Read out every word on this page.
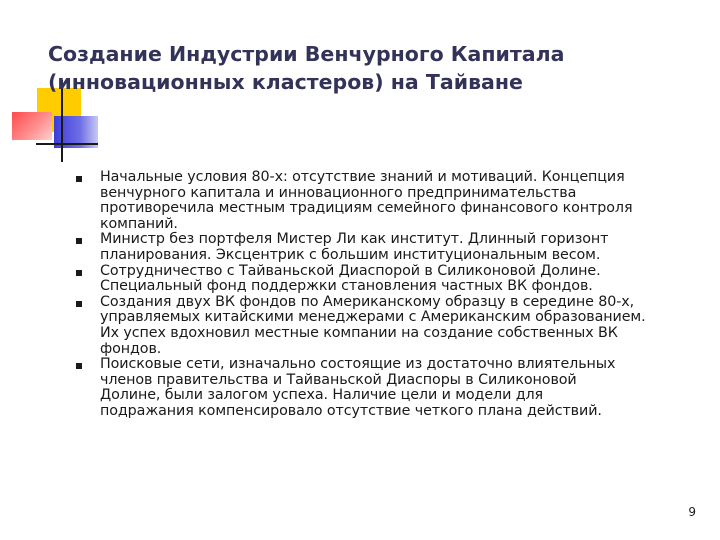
Создание Индустрии Венчурного Капитала
(инновационных кластеров) на Тайване
Начальные условия 80-х: отсутствие знаний и мотиваций. Концепция
венчурного капитала и инновационного предпринимательства
противоречила местным традициям семейного финансового контроля
компаний.
Министр без портфеля Мистер Ли как институт. Длинный горизонт
планирования. Эксцентрик с большим институциональным весом.
Сотрудничество с Тайваньской Диаспорой в Силиконовой Долине.
Специальный фонд поддержки становления частных ВК фондов.
Создания двух ВК фондов по Американскому образцу в середине 80-х,
управляемых китайскими менеджерами с Американским образованием.
Их успех вдохновил местные компании на создание собственных ВК
фондов.
Поисковые сети, изначально состоящие из достаточно влиятельных
членов правительства и Тайваньской Диаспоры в Силиконовой
Долине, были залогом успеха. Наличие цели и модели для
подражания компенсировало отсутствие четкого плана действий.
9
